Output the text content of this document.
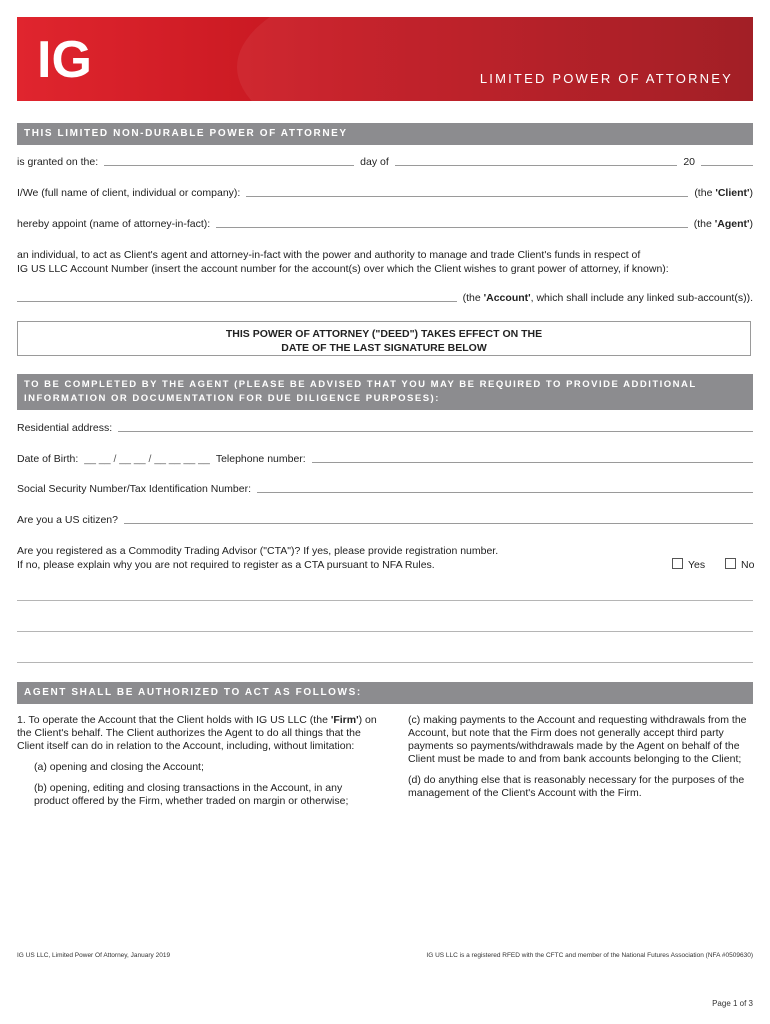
IG	LIMITED POWER OF ATTORNEY
THIS LIMITED NON-DURABLE POWER OF ATTORNEY
is granted on the:	day of	20
I/We (full name of client, individual or company):	(the 'Client')
hereby appoint (name of attorney-in-fact):	(the 'Agent')
an individual, to act as Client's agent and attorney-in-fact with the power and authority to manage and trade Client's funds in respect of
IG US LLC Account Number (insert the account number for the account(s) over which the Client wishes to grant power of attorney, if known):
(the 'Account', which shall include any linked sub-account(s)).
THIS POWER OF ATTORNEY ("DEED") TAKES EFFECT ON THE
DATE OF THE LAST SIGNATURE BELOW
TO BE COMPLETED BY THE AGENT (PLEASE BE ADVISED THAT YOU MAY BE REQUIRED TO PROVIDE ADDITIONAL
INFORMATION OR DOCUMENTATION FOR DUE DILIGENCE PURPOSES):
Residential address:
Date of Birth: __ __ / __ __ / __ __ __ __ Telephone number:
Social Security Number/Tax Identification Number:
Are you a US citizen?
Are you registered as a Commodity Trading Advisor ("CTA")? If yes, please provide registration number.
If no, please explain why you are not required to register as a CTA pursuant to NFA Rules.	Yes	No
AGENT SHALL BE AUTHORIZED TO ACT AS FOLLOWS:

1. To operate the Account that the Client holds with IG US LLC (the 'Firm') on the Client's behalf. The Client authorizes the Agent to do all things that the Client itself can do in relation to the Account, including, without limitation:

(a) opening and closing the Account;

(b) opening, editing and closing transactions in the Account, in any product offered by the Firm, whether traded on margin or otherwise;

(c) making payments to the Account and requesting withdrawals from the Account, but note that the Firm does not generally accept third party payments so payments/withdrawals made by the Agent on behalf of the Client must be made to and from bank accounts belonging to the Client;

(d) do anything else that is reasonably necessary for the purposes of the management of the Client's Account with the Firm.

IG US LLC, Limited Power Of Attorney, January 2019	IG US LLC is a registered RFED with the CFTC and member of the National Futures Association (NFA #0509630)
Page 1 of 3
